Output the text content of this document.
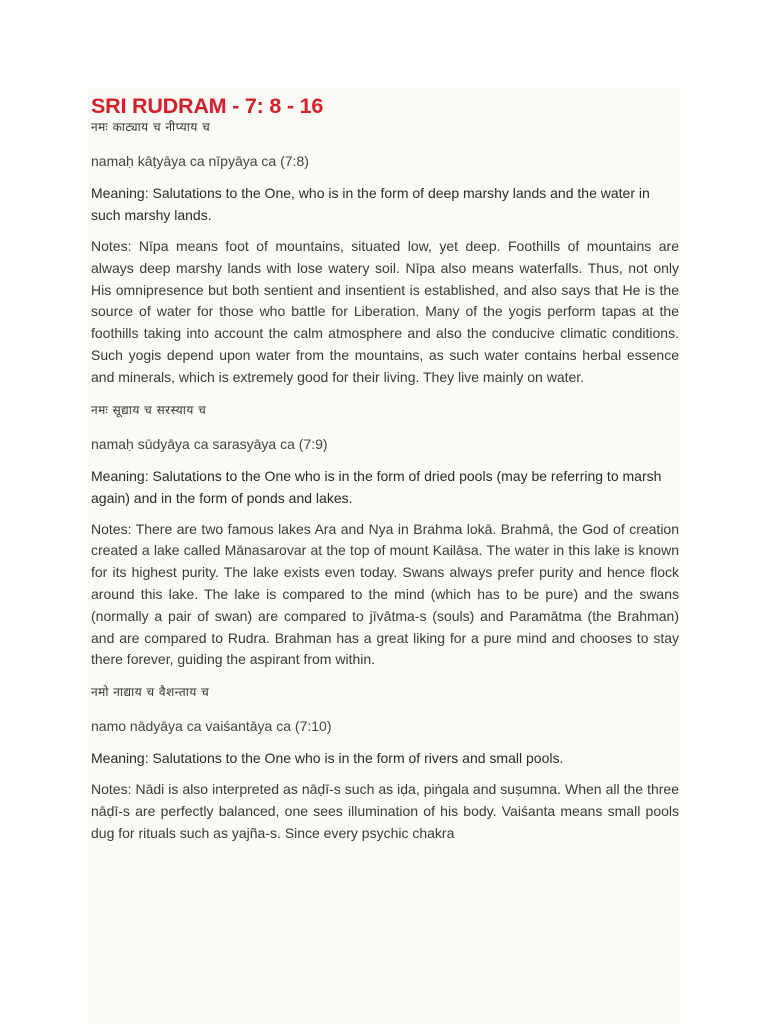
SRI RUDRAM - 7: 8 - 16

नमः काट्याय च नीप्याय च

namaḥ kāṭyāya ca nīpyāya ca (7:8)

Meaning: Salutations to the One, who is in the form of deep marshy lands and the water in such marshy lands.

Notes: Nīpa means foot of mountains, situated low, yet deep. Foothills of mountains are always deep marshy lands with lose watery soil. Nīpa also means waterfalls. Thus, not only His omnipresence but both sentient and insentient is established, and also says that He is the source of water for those who battle for Liberation. Many of the yogis perform tapas at the foothills taking into account the calm atmosphere and also the conducive climatic conditions. Such yogis depend upon water from the mountains, as such water contains herbal essence and minerals, which is extremely good for their living. They live mainly on water.

नमः सूद्याय च सरस्याय च

namaḥ sūdyāya ca sarasyāya ca (7:9)

Meaning: Salutations to the One who is in the form of dried pools (may be referring to marsh again) and in the form of ponds and lakes.

Notes: There are two famous lakes Ara and Nya in Brahma lokā. Brahmā, the God of creation created a lake called Mānasarovar at the top of mount Kailāsa. The water in this lake is known for its highest purity. The lake exists even today. Swans always prefer purity and hence flock around this lake. The lake is compared to the mind (which has to be pure) and the swans (normally a pair of swan) are compared to jīvātma-s (souls) and Paramātma (the Brahman) and are compared to Rudra. Brahman has a great liking for a pure mind and chooses to stay there forever, guiding the aspirant from within.

नमो नाद्याय च वैशन्ताय च

namo nādyāya ca vaiśantāya ca (7:10)

Meaning: Salutations to the One who is in the form of rivers and small pools.

Notes: Nādi is also interpreted as nāḍī-s such as iḍa, piṅgala and suṣumna. When all the three nāḍī-s are perfectly balanced, one sees illumination of his body. Vaiśanta means small pools dug for rituals such as yajña-s. Since every psychic chakra
